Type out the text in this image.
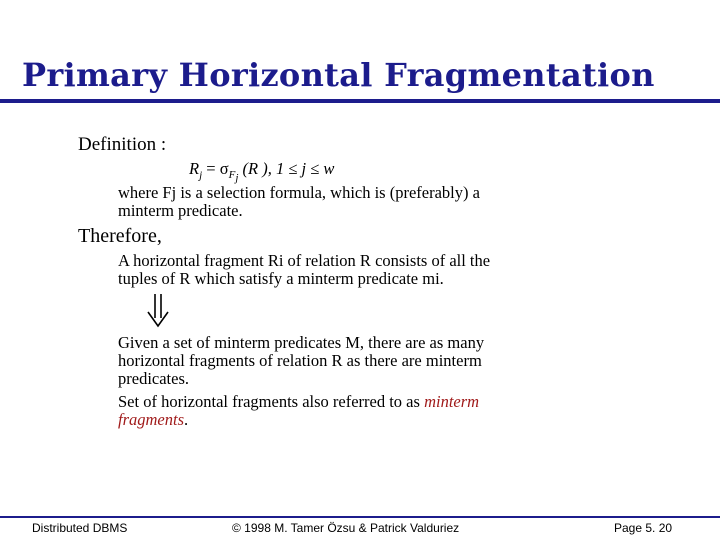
Primary Horizontal Fragmentation
Definition :
$R_j = \sigma_{F_j}$ (R ), 1 ≤ j ≤ w
where Fj is a selection formula, which is (preferably) a
minterm predicate.
Therefore,
A horizontal fragment Ri of relation R consists of all the
tuples of R which satisfy a minterm predicate mi.
Given a set of minterm predicates M, there are as many
horizontal fragments of relation R as there are minterm
predicates.
Set of horizontal fragments also referred to as minterm
fragments.
Distributed DBMS	© 1998 M. Tamer Özsu & Patrick Valduriez	Page 5. 20
